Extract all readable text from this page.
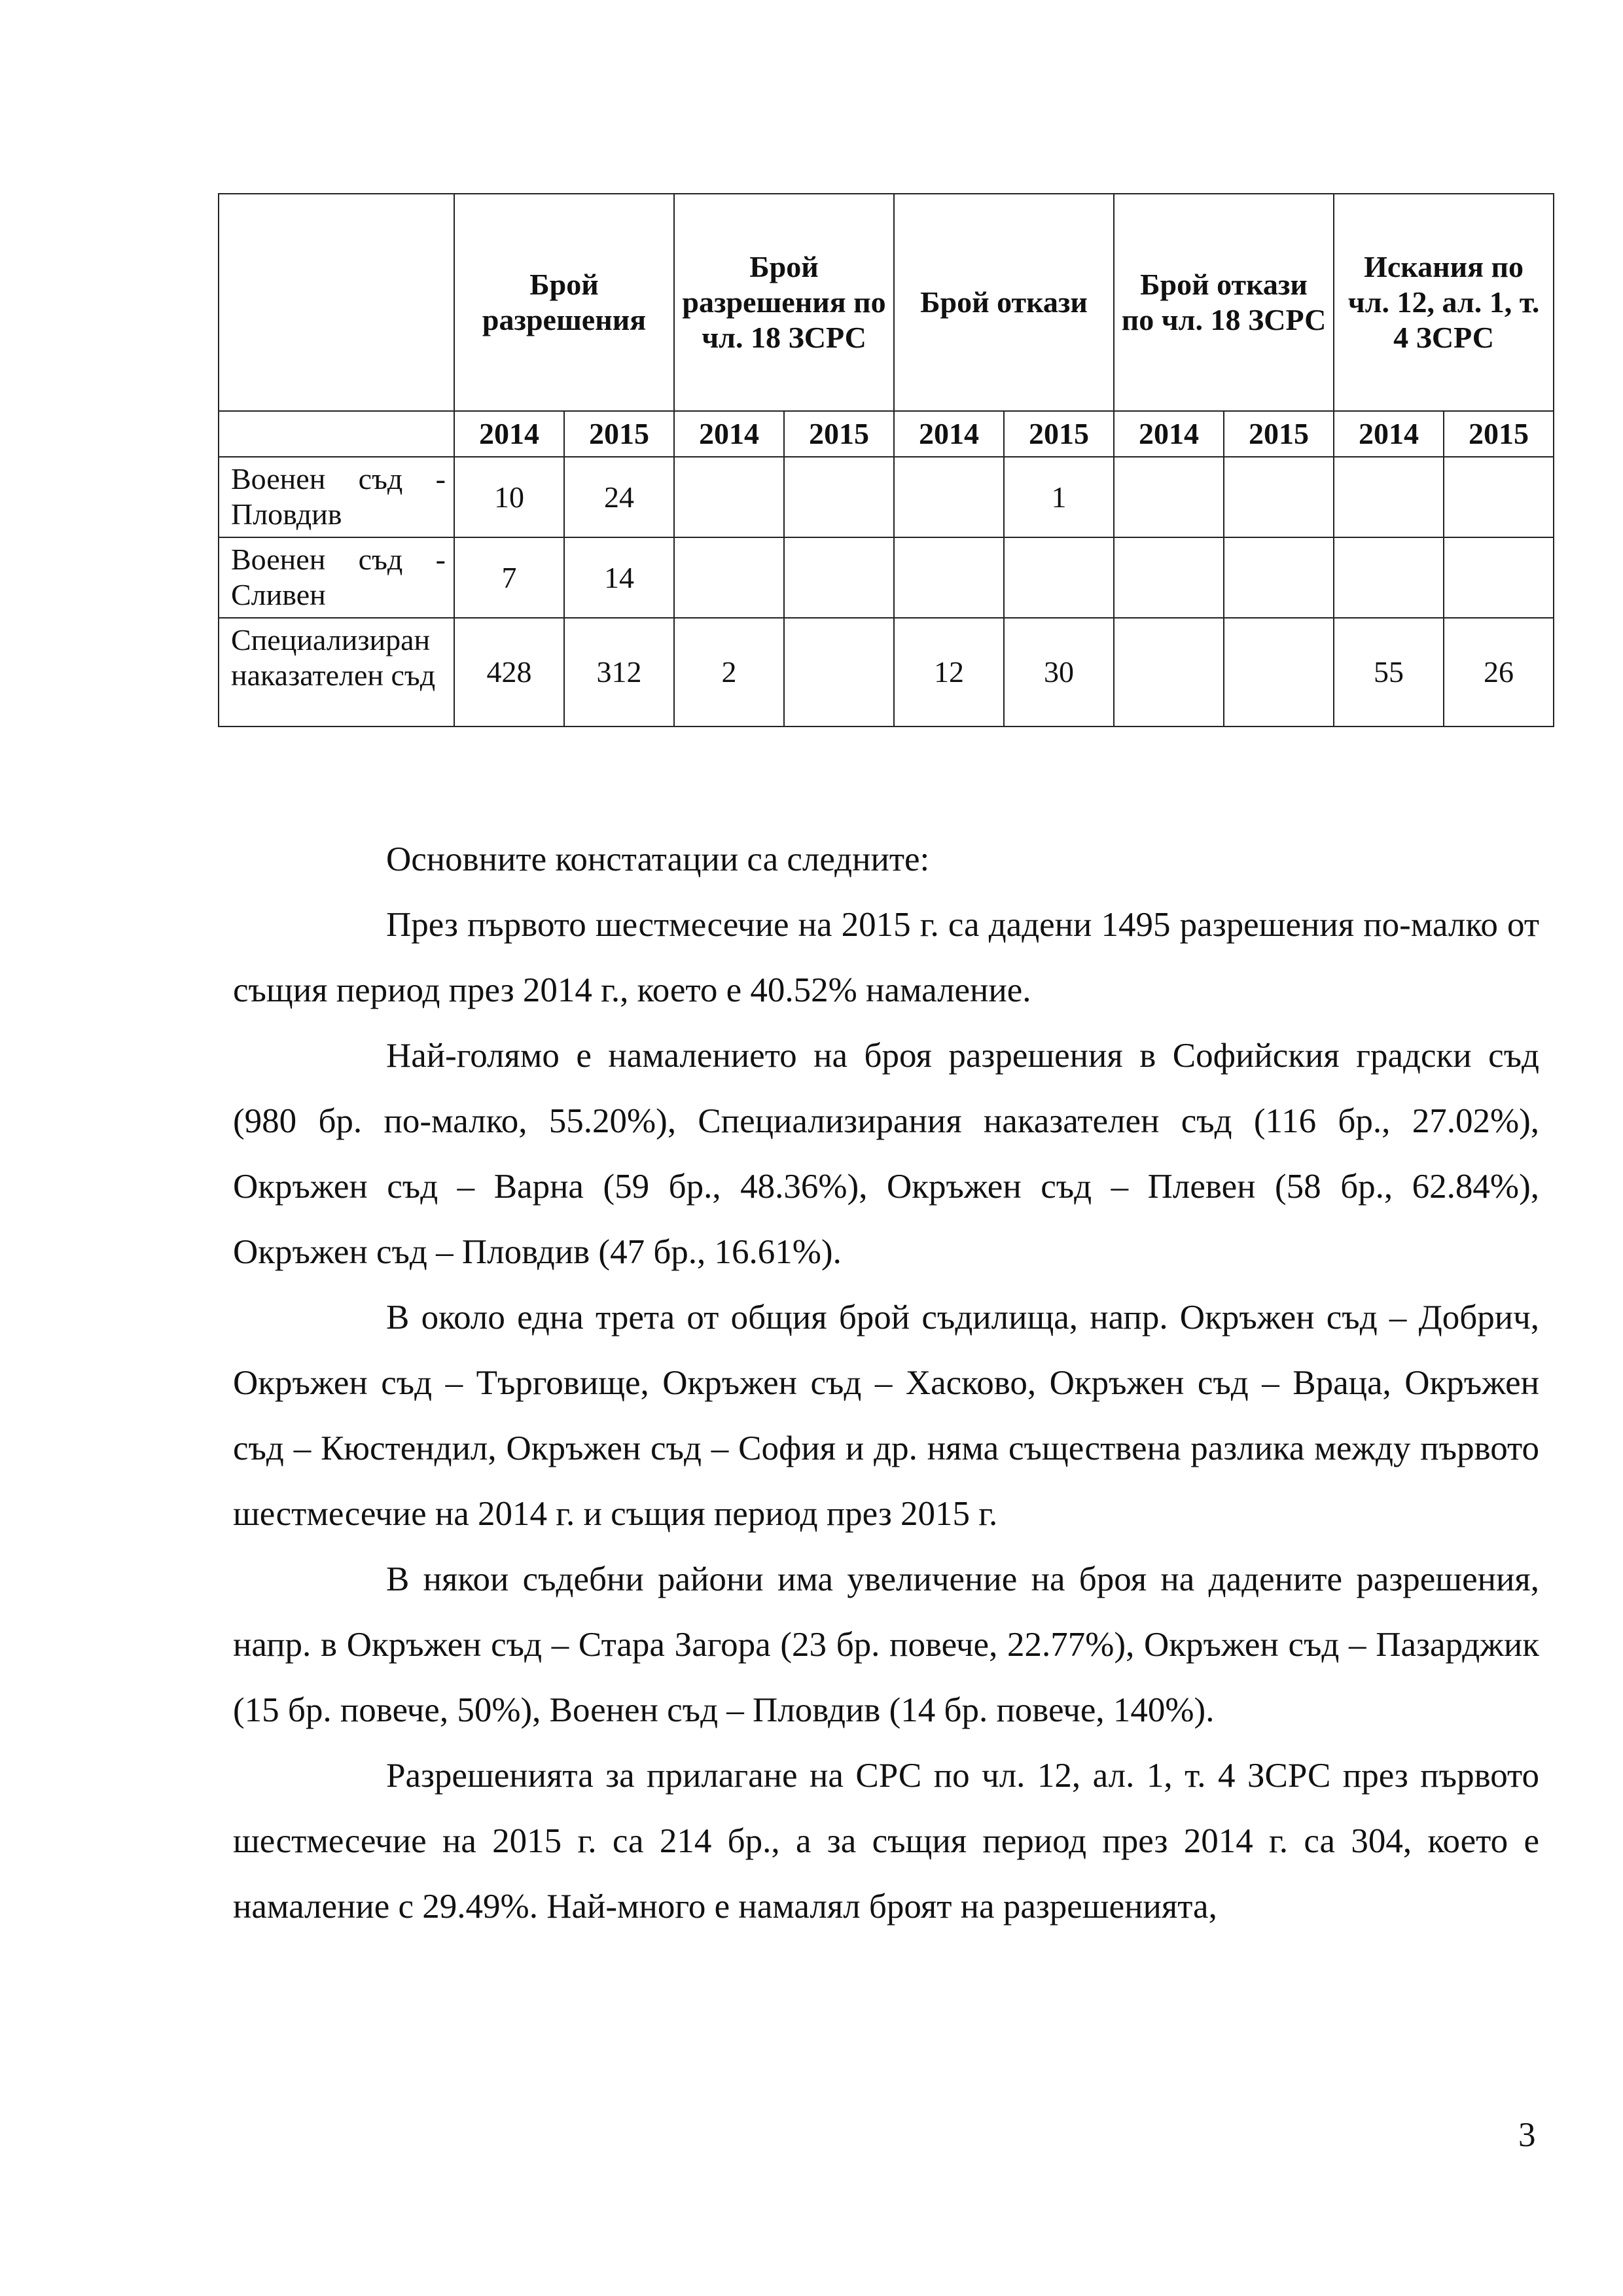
	Брой разрешения		Брой разрешения по чл. 18 ЗСРС		Брой откази		Брой откази по чл. 18 ЗСРС		Искания по чл. 12, ал. 1, т. 4 ЗСРС	
	2014	2015	2014	2015	2014	2015	2014	2015	2014	2015
Военен съд - Пловдив	10	24				1				
Военен съд - Сливен	7	14								
Специализиран наказателен съд	428	312	2		12	30			55	26

Основните констатации са следните:

През първото шестмесечие на 2015 г. са дадени 1495 разрешения по-малко от същия период през 2014 г., което е 40.52% намаление.

Най-голямо е намалението на броя разрешения в Софийския градски съд (980 бр. по-малко, 55.20%), Специализирания наказателен съд (116 бр., 27.02%), Окръжен съд – Варна (59 бр., 48.36%), Окръжен съд – Плевен (58 бр., 62.84%), Окръжен съд – Пловдив (47 бр., 16.61%).

В около една трета от общия брой съдилища, напр. Окръжен съд – Добрич, Окръжен съд – Търговище, Окръжен съд – Хасково, Окръжен съд – Враца, Окръжен съд – Кюстендил, Окръжен съд – София и др. няма съществена разлика между първото шестмесечие на 2014 г. и същия период през 2015 г.

В някои съдебни райони има увеличение на броя на дадените разрешения, напр. в Окръжен съд – Стара Загора (23 бр. повече, 22.77%), Окръжен съд – Пазарджик (15 бр. повече, 50%), Военен съд – Пловдив (14 бр. повече, 140%).

Разрешенията за прилагане на СРС по чл. 12, ал. 1, т. 4 ЗСРС през първото шестмесечие на 2015 г. са 214 бр., а за същия период през 2014 г. са 304, което е намаление с 29.49%. Най-много е намалял броят на разрешенията,

3
